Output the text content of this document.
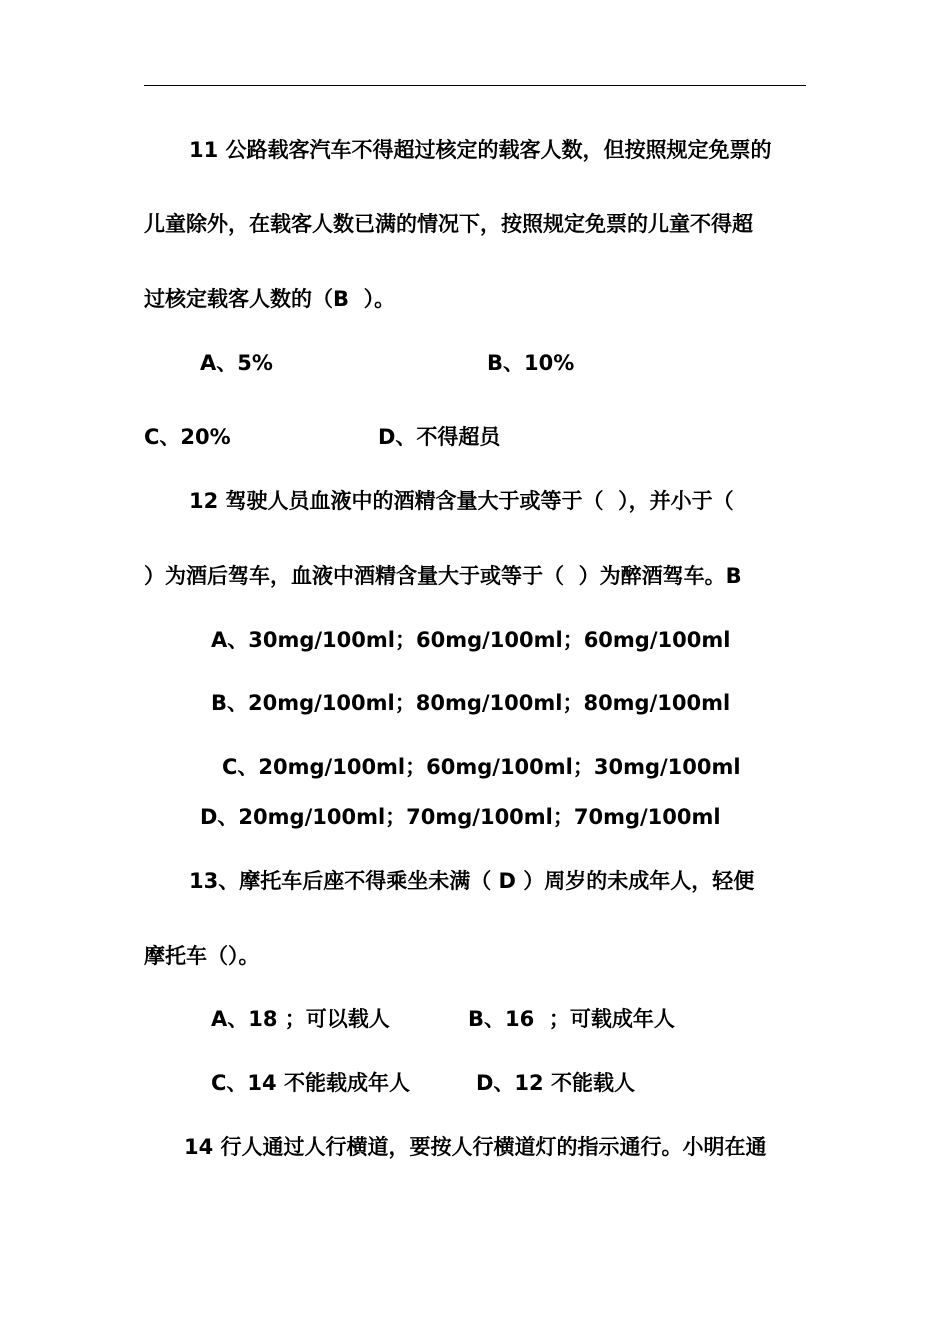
11 公路载客汽车不得超过核定的载客人数，但按照规定免票的
儿童除外，在载客人数已满的情况下，按照规定免票的儿童不得超
过核定载客人数的（B  ）。
A、5%	B、10%
C、20%	D、不得超员
12 驾驶人员血液中的酒精含量大于或等于（  ），并小于（
）为酒后驾车，血液中酒精含量大于或等于（  ）为醉酒驾车。B
A、30mg/100ml；60mg/100ml；60mg/100ml
B、20mg/100ml；80mg/100ml；80mg/100ml
C、20mg/100ml；60mg/100ml；30mg/100ml
D、20mg/100ml；70mg/100ml；70mg/100ml
13、摩托车后座不得乘坐未满（ D ）周岁的未成年人，轻便
摩托车（）。
A、18 ；可以载人	B、16  ；可载成年人
C、14 不能载成年人	D、12 不能载人
14 行人通过人行横道，要按人行横道灯的指示通行。小明在通
